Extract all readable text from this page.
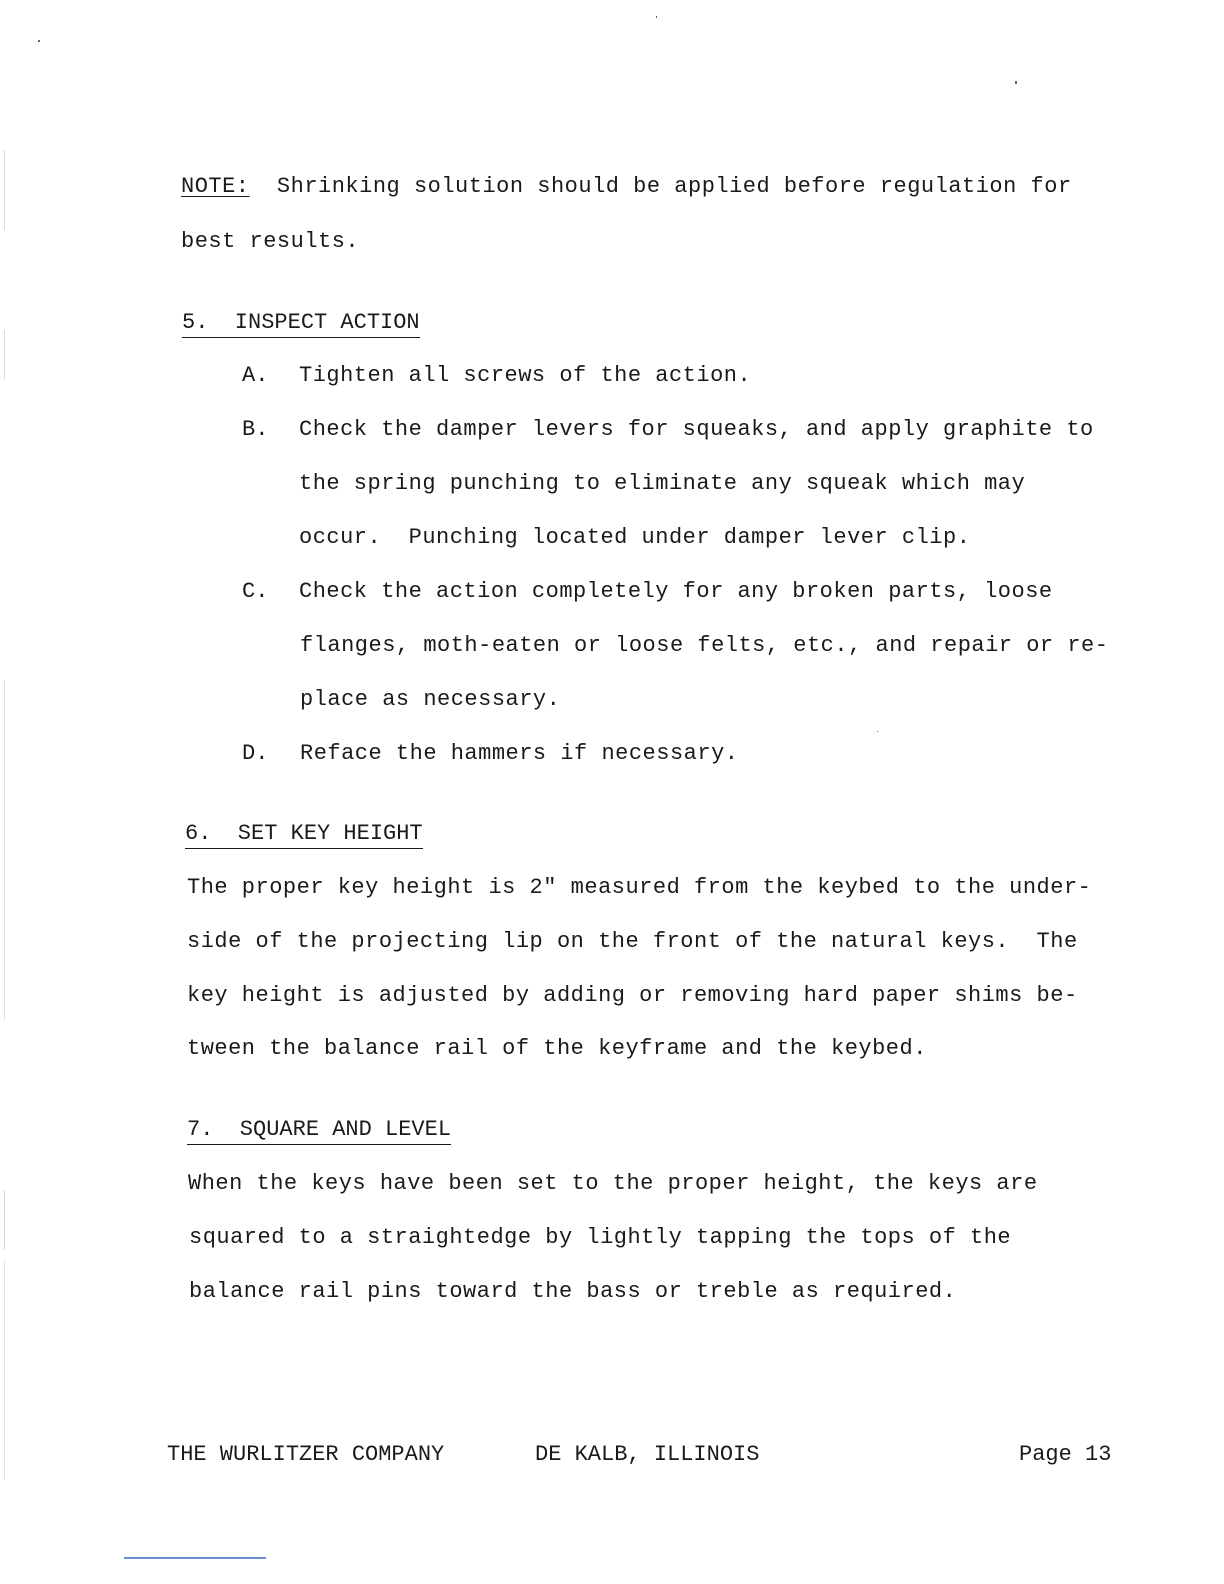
NOTE: Shrinking solution should be applied before regulation for
best results.
5.  INSPECT ACTION
A. Tighten all screws of the action.
B. Check the damper levers for squeaks, and apply graphite to
the spring punching to eliminate any squeak which may
occur.  Punching located under damper lever clip.
C. Check the action completely for any broken parts, loose
flanges, moth-eaten or loose felts, etc., and repair or re-
place as necessary.
D. Reface the hammers if necessary.
6.  SET KEY HEIGHT
The proper key height is 2" measured from the keybed to the under-
side of the projecting lip on the front of the natural keys.  The
key height is adjusted by adding or removing hard paper shims be-
tween the balance rail of the keyframe and the keybed.
7.  SQUARE AND LEVEL
When the keys have been set to the proper height, the keys are
squared to a straightedge by lightly tapping the tops of the
balance rail pins toward the bass or treble as required.
THE WURLITZER COMPANY	DE KALB, ILLINOIS	Page 13
